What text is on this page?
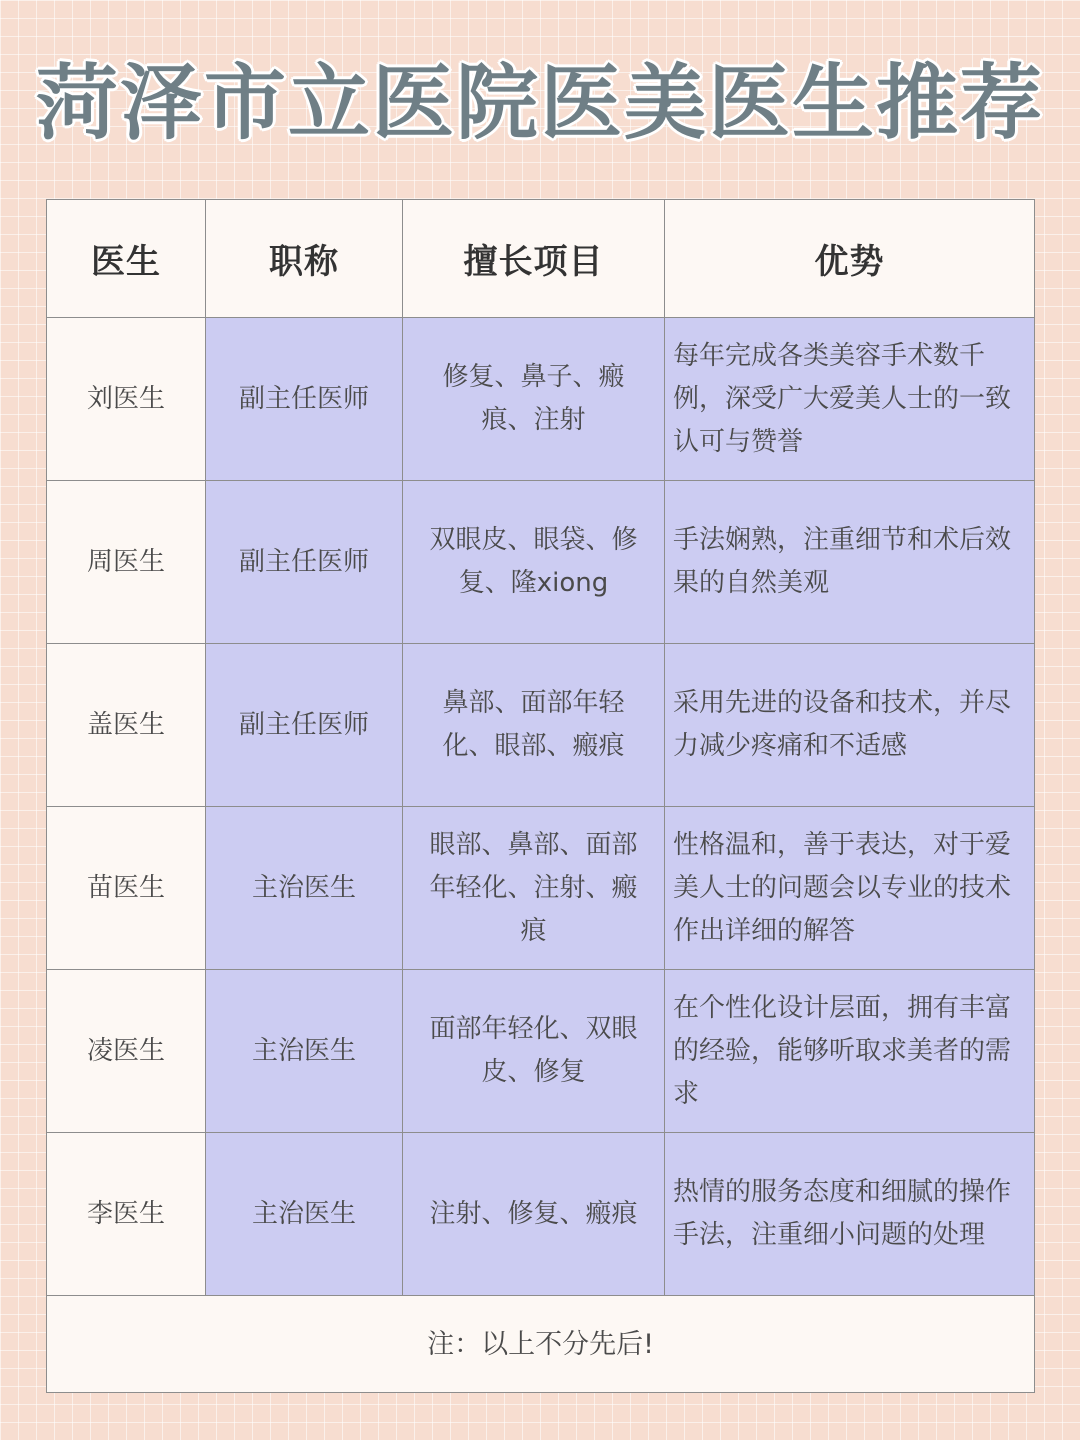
菏泽市立医院医美医生推荐
医生	职称	擅长项目	优势
刘医生	副主任医师	修复、鼻子、瘢痕、注射	每年完成各类美容手术数千例，深受广大爱美人士的一致认可与赞誉
周医生	副主任医师	双眼皮、眼袋、修复、隆xiong	手法娴熟，注重细节和术后效果的自然美观
盖医生	副主任医师	鼻部、面部年轻化、眼部、瘢痕	采用先进的设备和技术，并尽力减少疼痛和不适感
苗医生	主治医生	眼部、鼻部、面部年轻化、注射、瘢痕	性格温和，善于表达，对于爱美人士的问题会以专业的技术作出详细的解答
凌医生	主治医生	面部年轻化、双眼皮、修复	在个性化设计层面，拥有丰富的经验，能够听取求美者的需求
李医生	主治医生	注射、修复、瘢痕	热情的服务态度和细腻的操作手法，注重细小问题的处理
注：以上不分先后!			
